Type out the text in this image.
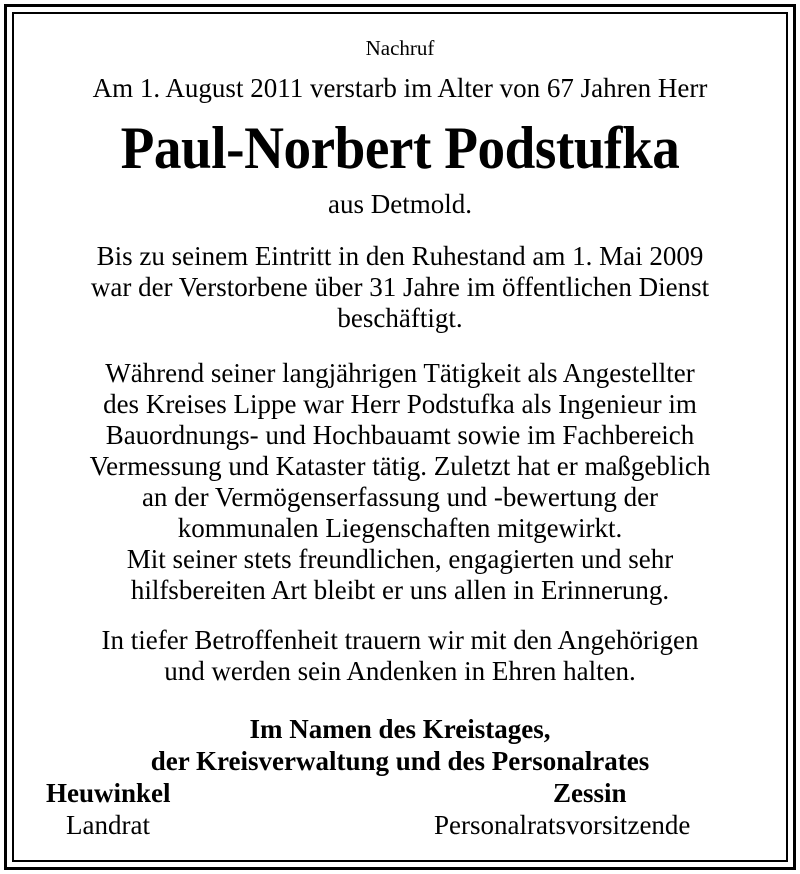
Nachruf
Am 1. August 2011 verstarb im Alter von 67 Jahren Herr
Paul-Norbert Podstufka
aus Detmold.
Bis zu seinem Eintritt in den Ruhestand am 1. Mai 2009
war der Verstorbene über 31 Jahre im öffentlichen Dienst
beschäftigt.
Während seiner langjährigen Tätigkeit als Angestellter
des Kreises Lippe war Herr Podstufka als Ingenieur im
Bauordnungs- und Hochbauamt sowie im Fachbereich
Vermessung und Kataster tätig. Zuletzt hat er maßgeblich
an der Vermögenserfassung und -bewertung der
kommunalen Liegenschaften mitgewirkt.
Mit seiner stets freundlichen, engagierten und sehr
hilfsbereiten Art bleibt er uns allen in Erinnerung.
In tiefer Betroffenheit trauern wir mit den Angehörigen
und werden sein Andenken in Ehren halten.
Im Namen des Kreistages,
der Kreisverwaltung und des Personalrates
Heuwinkel
Landrat
Zessin
Personalratsvorsitzende
